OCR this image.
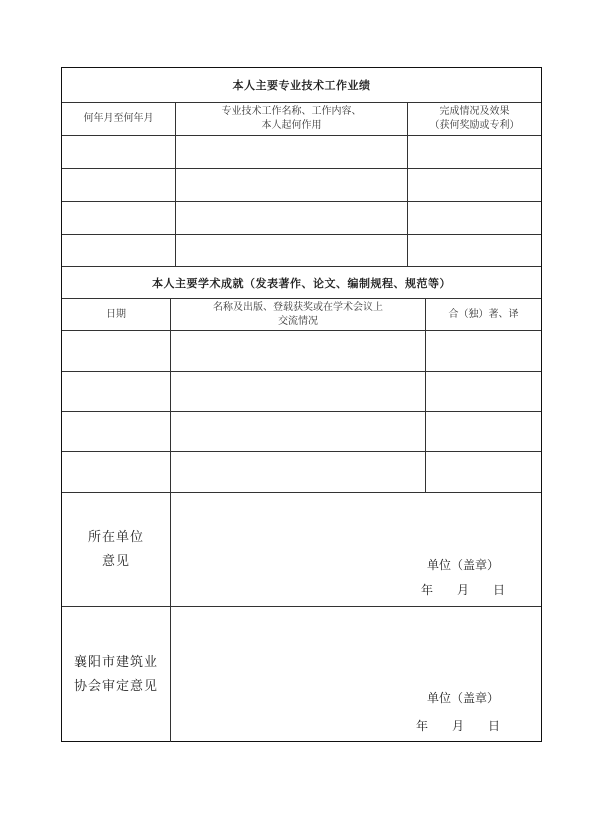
本人主要专业技术工作业绩
何年月至何年月
专业技术工作名称、工作内容、
本人起何作用
完成情况及效果
（获何奖励或专利）
本人主要学术成就（发表著作、论文、编制规程、规范等）
日期
名称及出版、登载获奖或在学术会议上
交流情况
合（独）著、译
所在单位
意见	单位（盖章）
年　　月　　日
襄阳市建筑业
协会审定意见
单位（盖章）
年　　月　　日
